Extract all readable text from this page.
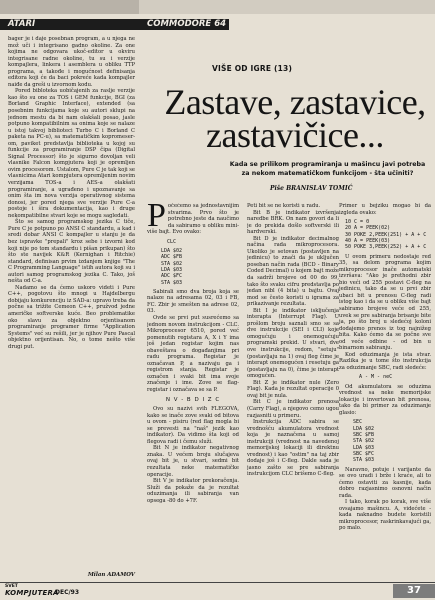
ATARI	COMMODORE 64

bager je i daje posebnan program, a u njega ne mož uči i integrisano gadno okoline. Za one kojima ne odgovara ukoč-editor u okviru integrisane radne okoline, tu su i verzije kompajlera, linkera i asemblera u obliku TTP programa, a takođe i mogućnost definisanja editora koji će da baci pokreće kada kompajler naiđe da greši u izvornom kodu.

Pored bibloteka uobičajenih za raslje verzije kao što su one za TOS i GEM funkcije, BGI (za Borland Graphic Interface), extended (sa posebnim funkcijama koje su autori sklupi na jednom mestu da bi nam olakšali posao, jasle potpuno kompatibilnim sa onima koje se nalaze u istoj takvoj biblioteci Turbo C i Borland C paketa na PC-u), sa matematičkim kopromeser-om, paviket predstavlja bibliotekа u kojoj su funkcije za programiranje DSP čipa (Digital Signal Processor) što je sigurno dovoljan veli vlasnike Falcon kompjutera koji je opremljen ovim procesorom. Ustalom, Pure C je tak koji se vlasnicima Atari kompjutera opremljenim novim verzijama TOS-a i AES-a olakšati programiranje, a ugrađeno i upoznavanje sa onim šta im nova verzija operativnog sistema donosi, jer pored njega sve verzije Pure C-a postoje i šira dokumentacija, kao i druge nekompatibilne stvari koje se mogu sagledati.

Što se samog programskog jezika C tiče, Pure C je potpuno po ANSI C standardu, a kad i sredi dobar ANSI C kompajler u stanju je da bez ispravke "prepali" kroz sebe i izvorni kod koji nije po tom standardu i pišan prikupan) što što ste navijek K&R (Kernighan i Ritchie) standard, definisan prvim izdanjem knjige "The C Programming Language" istih autora koji su i autori samog programskog jezika C. Tako, još nešta od C-a.

Nadamo se da ćemo uskoro videti i Pure C++, pogotovu što mnogi u Hajdelbergu dobijaju konkurenciju iz SAD-a: upravo treba da počne sa trižite Cemeon C++, pružvod jedne američke softverske kuće. Beo problematike oko slavu za objektno orjentisanom programiranje programer firme "Application Systems" već su rešili, jer je njihov Pure Pascal objektno orijentisan. No, o tome nešto više drugi put.

Milan ADAMOV
VIŠE OD IGRE (13)
Zastave, zastavice,
zastavičice...

Kada se prilikom programiranja u mašincu javi potreba za nekom matematičkom funkcijom - šta učiniti?

Piše BRANISLAV TOMIĆ

Počećemo sa jednostavnijim stvarima. Prvo što je potrebno jeste da naučimo da sabiramo u obliku mini-više bajt. Evo ovako:

CLC
LDA $02
ADC $FB
STA $02
LDA $03
ADC $FC
STA $03

Sabirali smo dva broja koja se nalaze na adresama 02, 03 i FB, FC. Zbir je smešten na adrese 02, 03.

Ovde se prvi put susrećemo sa jednom novom instrukcijom - CLC. Mikroprocesor 6510, pored već pomenutih registara A, X i Y ima još jedan registar kojim nas obaveštava o događanjima pri radu programa. Registar je označavan P, a nazivaju ga i registrom stanja. Registar je označen i svaki bit ima svoje značenje i ime. Zove se flag-registar i označava se sa P.

N V - B D I Z C

Ovo su nazivi svih FLEGOVA, kako se inače zove svaki od bitova u ovom - pisiru (red flag mogla bi se prevesti na "naš" jezik kao indikator). Da vidimo šta koji od flegova radi i čemu služi.

Bit N je indikator negativnog znaka. U većem broju slučajeva ovaj bit je, u stvari, sedmi bit rezultata neke matematičke operacije.

Bit V je indikator prekoračenja. Služi da pokaže da je rezultat oduzimanja ili sabiranja van opsega -80 do +7F.

Peti bit se ne koristi u radu.

Bit B je indikator izvršenja naredbe BRK. On nam govori da li je do prekida došlo softverski ili hardverski.

Bit D je indikator decimalnog načina rada mikroprocesora. Ukoliko je setovan (postavljen na jedinicu) to znači da je uključen poseban način rada (BCD - Binary Coded Decimal) u kojem bajt može da sadrži brojeve od 00 do 99, tako što svaku cifru predstavlja po jedan nibl (4 bita) u bajtu. Ovaj mod se često koristi u igrama za prikazivanje rezultata.

Bit I je indikator isključenja interapta (Interrupt Flag). U prošlom broju saznali smo se sa dve instrukcije (SEI i CLI) koje omogućuju i onemogućuju programski prekid. U stvari, dve ove instrukcije, redom, "setuju" (postavljaju na 1) ovaj fleg čime je interapt onemogućen i resetuju ga (postavljaju na 0), čime je interapt omogućen.

Bit Z je indikator nule (Zero Flag). Kada je rezultat operacije 0 ovaj bit je nula.

Bit C je indikator prenosa (Carry Flag), a njegovo cemo ugou razjasniti u primeru.

Instrukcija ADC sabira se vrednošću akumulatora vrednost koja je naznačena u samoj instrukciji (vrednost na navedenoj memorijskoj lokaciji ili direktnu vrednost) i kao "ostim" na taj zbir dodaje još i C-fleg. Dakle sada je jasno zašto se pre sabiranja instrukcijom CLC brišemo C-fleg.

Primer u bejziku mogao bi da izgleda ovako:

10 C = 0
20 A = PEEK(02)
30 POKE 2,PEEK(251) + A + C
40 A = PEEK(03)
50 POKE 3,PEEK(252) + A + C

U ovom primeru nedostaje red 35, sa delom programa kojim mikroprocesor inače automatski izvršava: "Ako je prethodni zbir bio veći od 255 postavi C-fleg na jedinicu, tako da se u prvi zbir ubaci bit u prenosu C-fleg radi istog kao i da se u obliku više bajt sabiramo brojeve veće od 255, uvek se pre sabiranja brisanje bite ja, po što broj u sledećoj koloni dodajemo prenos iz tog najnižeg bita. Kako ćemo da se počne sve od veće odbine - od bin u binarnom sabiranju.

Kod oduzimanja je ista stvar. Razlika je u tome što instrukcija za oduzimanje SBC, radi sledeće:

A - M - neC

Od akumulatora se oduzima vrednost sa neke memorijske lokacije i invertovan bit prenosa, tako da bi primer za oduzimanje glasio:

SEC
LDA $02
SBC $FB
STA $02
LDA $03
SBC $FC
STA $03

Naravno, potuje i varijante da se ovo uradi i brže i kraće, ali to ćemo ostaviti za kasnije, kada dobro razjasnimo osnovni način rada.

I tako, korak po korak, sve više ovsajamo mašincu. A, videćete - kada naknadno budete koristili mikroprocesor, raskrinkavajući ga, po malo.

SVET
KOMPJUTERA
DEC/93	37
